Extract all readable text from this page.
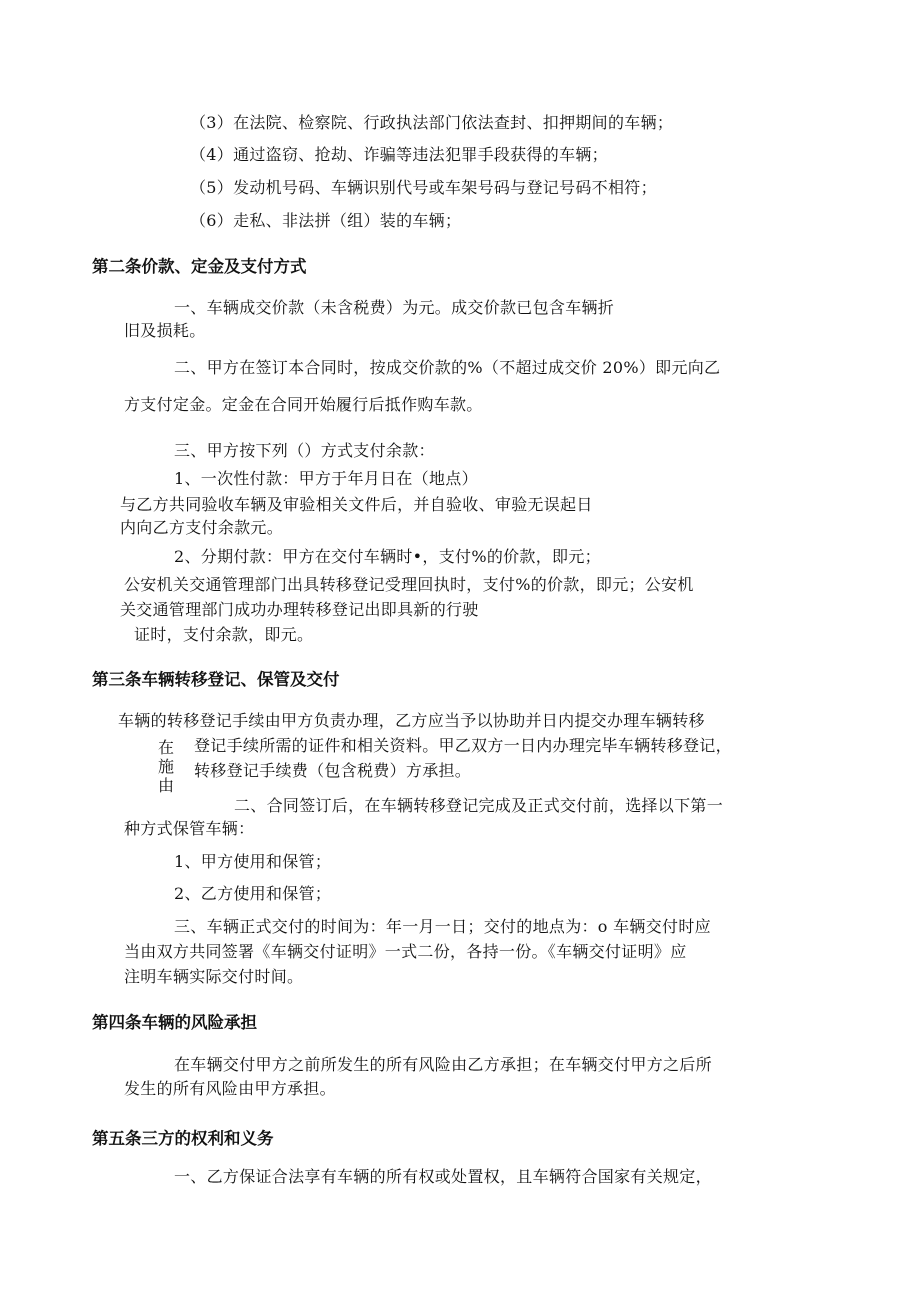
（3）在法院、检察院、行政执法部门依法查封、扣押期间的车辆；
（4）通过盗窃、抢劫、诈骗等违法犯罪手段获得的车辆；
（5）发动机号码、车辆识别代号或车架号码与登记号码不相符；
（6）走私、非法拼（组）装的车辆；
第二条价款、定金及支付方式
一、车辆成交价款（未含税费）为元。成交价款已包含车辆折
旧及损耗。
二、甲方在签订本合同时，按成交价款的%（不超过成交价 20%）即元向乙
方支付定金。定金在合同开始履行后抵作购车款。
三、甲方按下列（）方式支付余款：
1、一次性付款：甲方于年月日在（地点）
与乙方共同验收车辆及审验相关文件后，并自验收、审验无误起日
内向乙方支付余款元。
2、分期付款：甲方在交付车辆时•，支付%的价款，即元；
公安机关交通管理部门出具转移登记受理回执时，支付%的价款，即元；公安机
关交通管理部门成功办理转移登记出即具新的行驶
证时，支付余款，即元。
第三条车辆转移登记、保管及交付
车辆的转移登记手续由甲方负责办理，乙方应当予以协助并日内提交办理车辆转移
在施由
登记手续所需的证件和相关资料。甲乙双方一日内办理完毕车辆转移登记，
转移登记手续费（包含税费）方承担。
二、合同签订后，在车辆转移登记完成及正式交付前，选择以下第一
种方式保管车辆：
1、甲方使用和保管；
2、乙方使用和保管；
三、车辆正式交付的时间为：年一月一日；交付的地点为：o 车辆交付时应
当由双方共同签署《车辆交付证明》一式二份，各持一份。《车辆交付证明》应
注明车辆实际交付时间。
第四条车辆的风险承担
在车辆交付甲方之前所发生的所有风险由乙方承担；在车辆交付甲方之后所
发生的所有风险由甲方承担。
第五条三方的权利和义务
一、乙方保证合法享有车辆的所有权或处置权，且车辆符合国家有关规定，
